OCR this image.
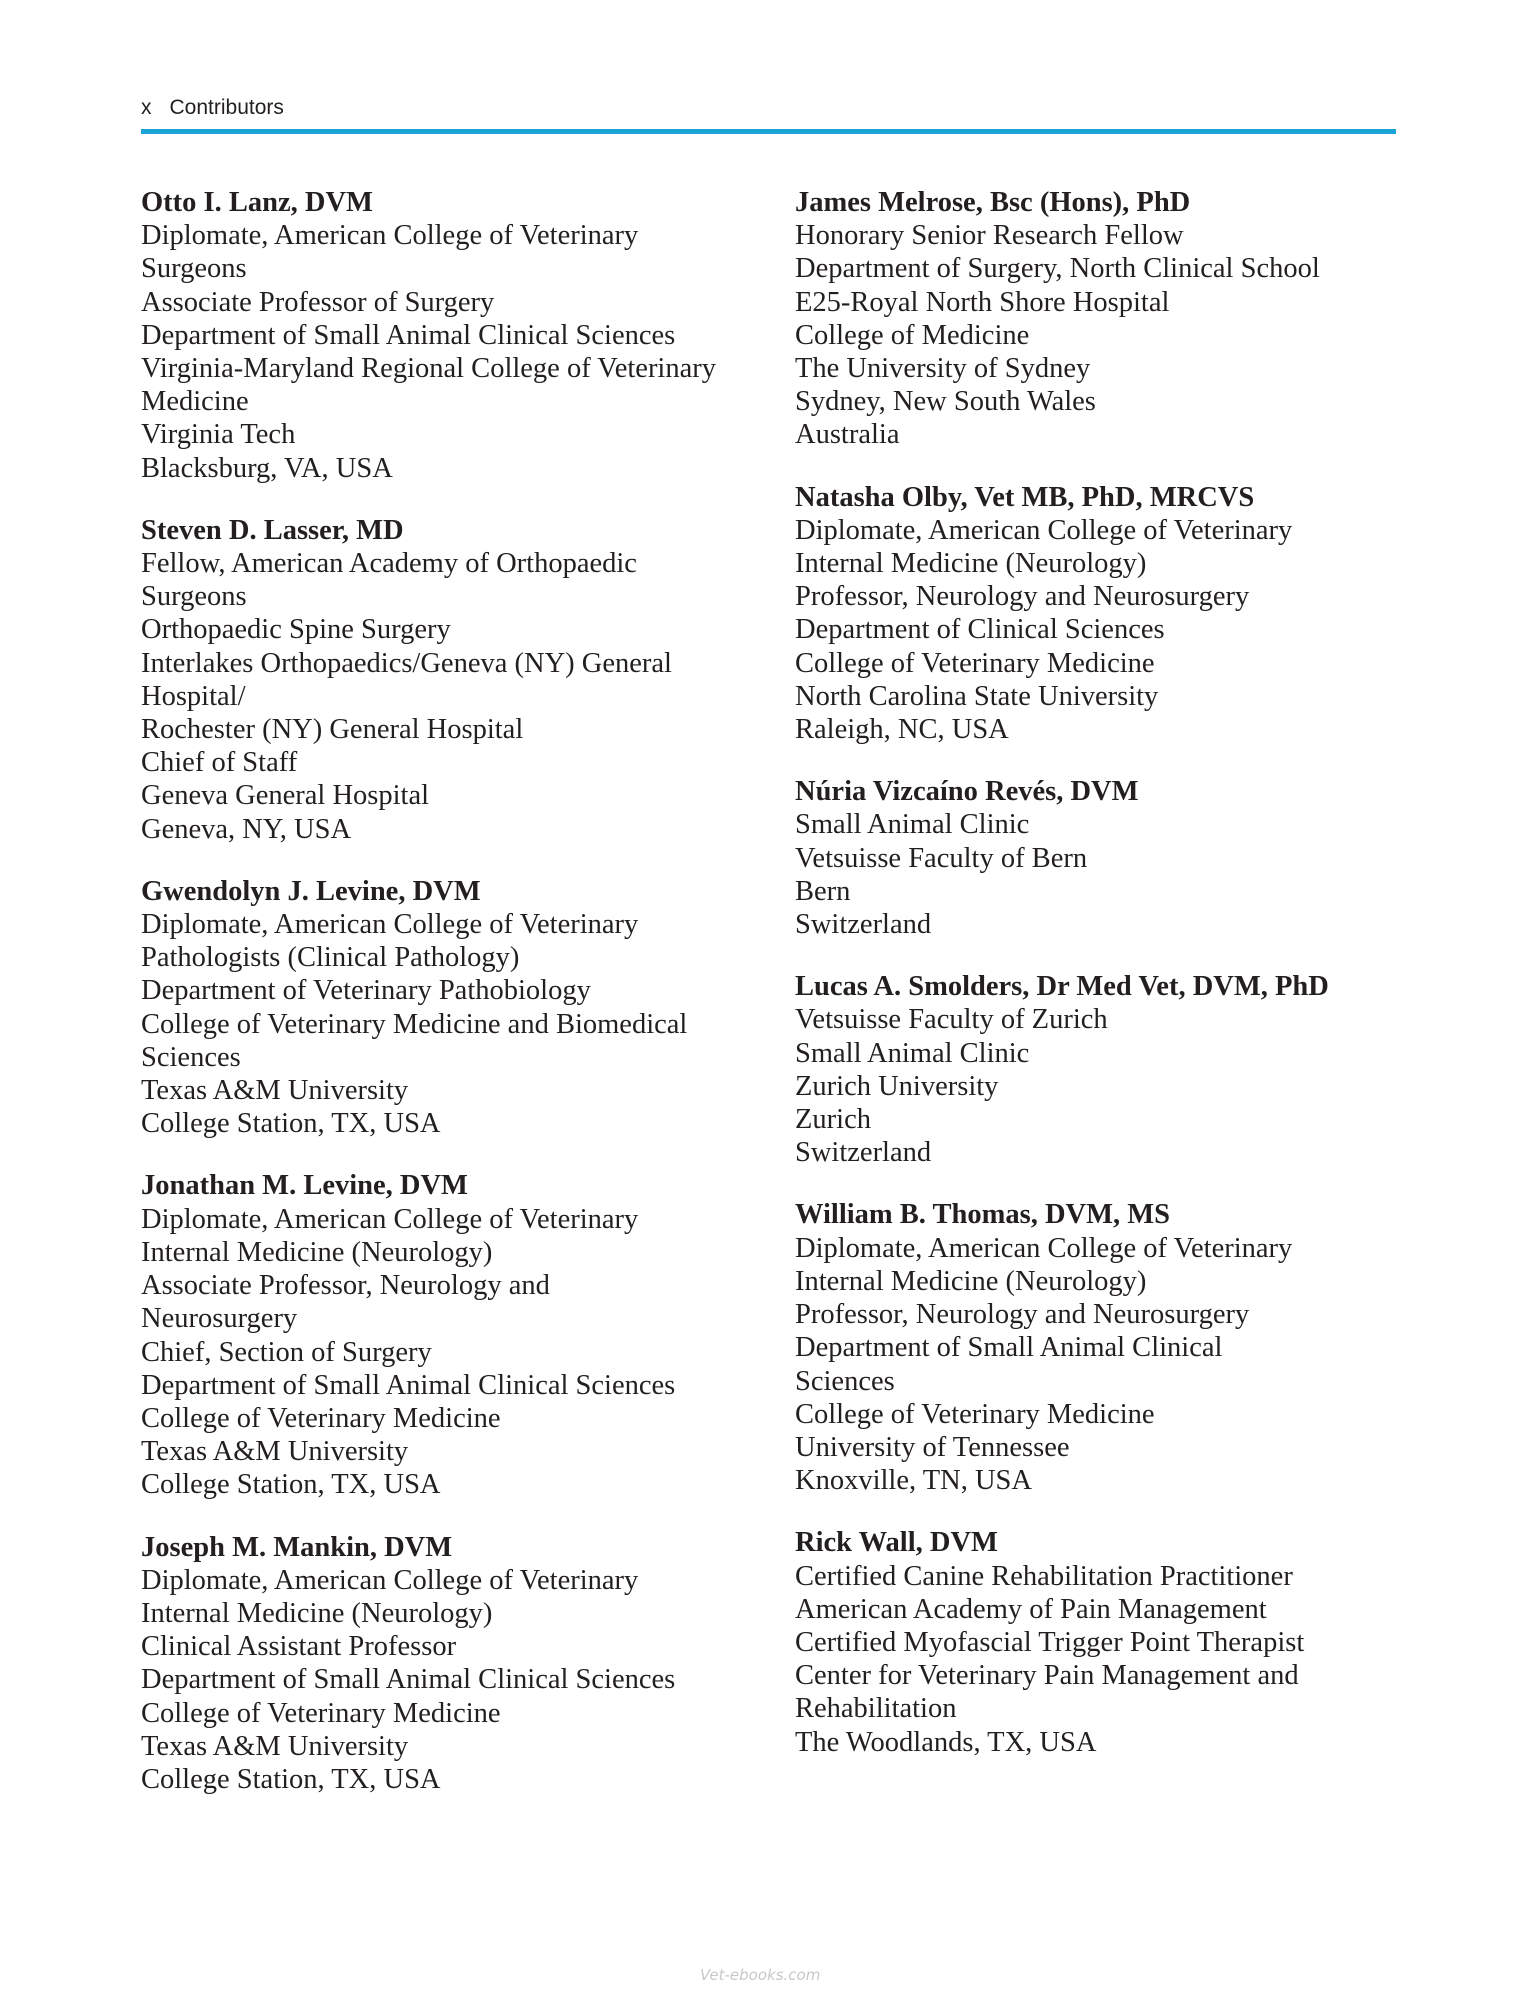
x Contributors
Otto I. Lanz, DVM
Diplomate, American College of Veterinary
Surgeons
Associate Professor of Surgery
Department of Small Animal Clinical Sciences
Virginia-Maryland Regional College of Veterinary
Medicine
Virginia Tech
Blacksburg, VA, USA
Steven D. Lasser, MD
Fellow, American Academy of Orthopaedic
Surgeons
Orthopaedic Spine Surgery
Interlakes Orthopaedics/Geneva (NY) General
Hospital/
Rochester (NY) General Hospital
Chief of Staff
Geneva General Hospital
Geneva, NY, USA
Gwendolyn J. Levine, DVM
Diplomate, American College of Veterinary
Pathologists (Clinical Pathology)
Department of Veterinary Pathobiology
College of Veterinary Medicine and Biomedical
Sciences
Texas A&M University
College Station, TX, USA
Jonathan M. Levine, DVM
Diplomate, American College of Veterinary
Internal Medicine (Neurology)
Associate Professor, Neurology and
Neurosurgery
Chief, Section of Surgery
Department of Small Animal Clinical Sciences
College of Veterinary Medicine
Texas A&M University
College Station, TX, USA
Joseph M. Mankin, DVM
Diplomate, American College of Veterinary
Internal Medicine (Neurology)
Clinical Assistant Professor
Department of Small Animal Clinical Sciences
College of Veterinary Medicine
Texas A&M University
College Station, TX, USA
James Melrose, Bsc (Hons), PhD
Honorary Senior Research Fellow
Department of Surgery, North Clinical School
E25-Royal North Shore Hospital
College of Medicine
The University of Sydney
Sydney, New South Wales
Australia
Natasha Olby, Vet MB, PhD, MRCVS
Diplomate, American College of Veterinary
Internal Medicine (Neurology)
Professor, Neurology and Neurosurgery
Department of Clinical Sciences
College of Veterinary Medicine
North Carolina State University
Raleigh, NC, USA
Núria Vizcaíno Revés, DVM
Small Animal Clinic
Vetsuisse Faculty of Bern
Bern
Switzerland
Lucas A. Smolders, Dr Med Vet, DVM, PhD
Vetsuisse Faculty of Zurich
Small Animal Clinic
Zurich University
Zurich
Switzerland
William B. Thomas, DVM, MS
Diplomate, American College of Veterinary
Internal Medicine (Neurology)
Professor, Neurology and Neurosurgery
Department of Small Animal Clinical
Sciences
College of Veterinary Medicine
University of Tennessee
Knoxville, TN, USA
Rick Wall, DVM
Certified Canine Rehabilitation Practitioner
American Academy of Pain Management
Certified Myofascial Trigger Point Therapist
Center for Veterinary Pain Management and
Rehabilitation
The Woodlands, TX, USA
Vet-ebooks.com
